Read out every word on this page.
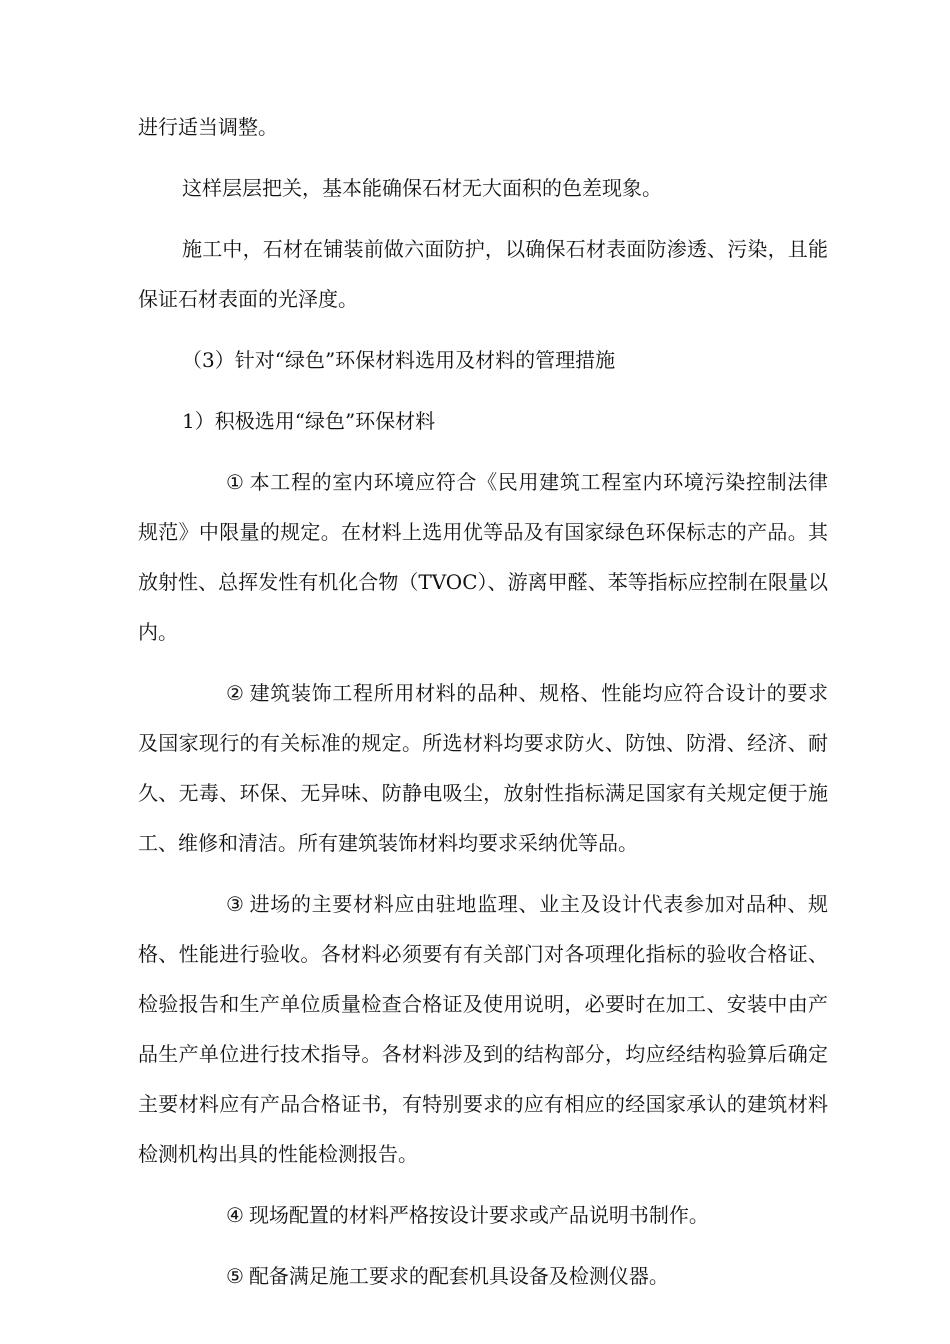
进行适当调整。

这样层层把关，基本能确保石材无大面积的色差现象。

施工中，石材在铺装前做六面防护，以确保石材表面防渗透、污染，且能保证石材表面的光泽度。

（3）针对“绿色”环保材料选用及材料的管理措施

1）积极选用“绿色”环保材料

① 本工程的室内环境应符合《民用建筑工程室内环境污染控制法律规范》中限量的规定。在材料上选用优等品及有国家绿色环保标志的产品。其放射性、总挥发性有机化合物（TVOC）、游离甲醛、苯等指标应控制在限量以内。

② 建筑装饰工程所用材料的品种、规格、性能均应符合设计的要求及国家现行的有关标准的规定。所选材料均要求防火、防蚀、防滑、经济、耐久、无毒、环保、无异味、防静电吸尘，放射性指标满足国家有关规定便于施工、维修和清洁。所有建筑装饰材料均要求采纳优等品。

③ 进场的主要材料应由驻地监理、业主及设计代表参加对品种、规格、性能进行验收。各材料必须要有有关部门对各项理化指标的验收合格证、检验报告和生产单位质量检查合格证及使用说明，必要时在加工、安装中由产品生产单位进行技术指导。各材料涉及到的结构部分，均应经结构验算后确定主要材料应有产品合格证书，有特别要求的应有相应的经国家承认的建筑材料检测机构出具的性能检测报告。

④ 现场配置的材料严格按设计要求或产品说明书制作。

⑤ 配备满足施工要求的配套机具设备及检测仪器。
